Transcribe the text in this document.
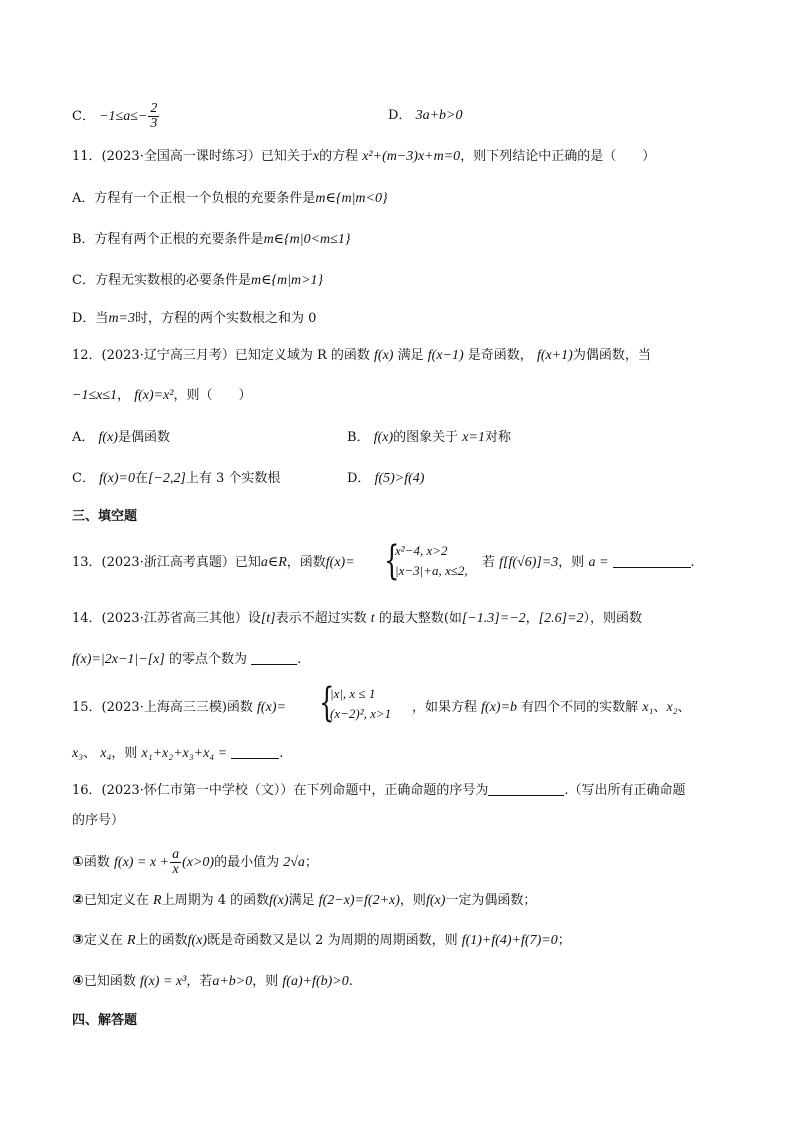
C． $-1\le a\le- \frac{2}{3}$	D． 3a+b>0
11．(2023·全国高一课时练习）已知关于x的方程 x²+(m−3)x+m=0，则下列结论中正确的是（　　）
A．方程有一个正根一个负根的充要条件是m∈{m|m<0}
B．方程有两个正根的充要条件是m∈{m|0<m≤1}
C．方程无实数根的必要条件是m∈{m|m>1}
D．当m=3时，方程的两个实数根之和为 0
12．(2023·辽宁高三月考）已知定义域为 R 的函数 f(x) 满足 f(x−1) 是奇函数， f(x+1)为偶函数，当
−1≤x≤1， f(x)=x²，则（　　）
A． f(x)是偶函数	B． f(x)的图象关于 x=1对称
C． f(x)=0在[−2,2]上有 3 个实数根	D． f(5)>f(4)
三、填空题
13．(2023·浙江高考真题）已知a∈R，函数f(x)= {
x²−4, x>2
|x−3|+a, x≤2,
若 f[f(√6)]=3，则 a =	.
14．(2023·江苏省高三其他）设[t]表示不超过实数 t 的最大整数(如[−1.3]=−2，[2.6]=2），则函数
f(x)=|2x−1|−[x] 的零点个数为	.
15．(2023·上海高三三模)函数 f(x)= {
|x|, x ≤ 1
(x−2)², x>1 ，如果方程 f(x)=b 有四个不同的实数解 x₁、x₂、
x₃、 x₄，则 x₁+x₂+x₃+x₄ =	.
16．(2023·怀仁市第一中学校（文））在下列命题中，正确命题的序号为	.（写出所有正确命题
的序号）
①函数 $f(x) = x + \frac{a}{x} (x>0)$的最小值为 2√a；
②已知定义在 R上周期为 4 的函数f(x)满足 f(2−x)=f(2+x)，则f(x)一定为偶函数；
③定义在 R上的函数f(x)既是奇函数又是以 2 为周期的周期函数，则 f(1)+f(4)+f(7)=0；
④已知函数 f(x) = x³，若a+b>0，则 f(a)+f(b)>0.
四、解答题
